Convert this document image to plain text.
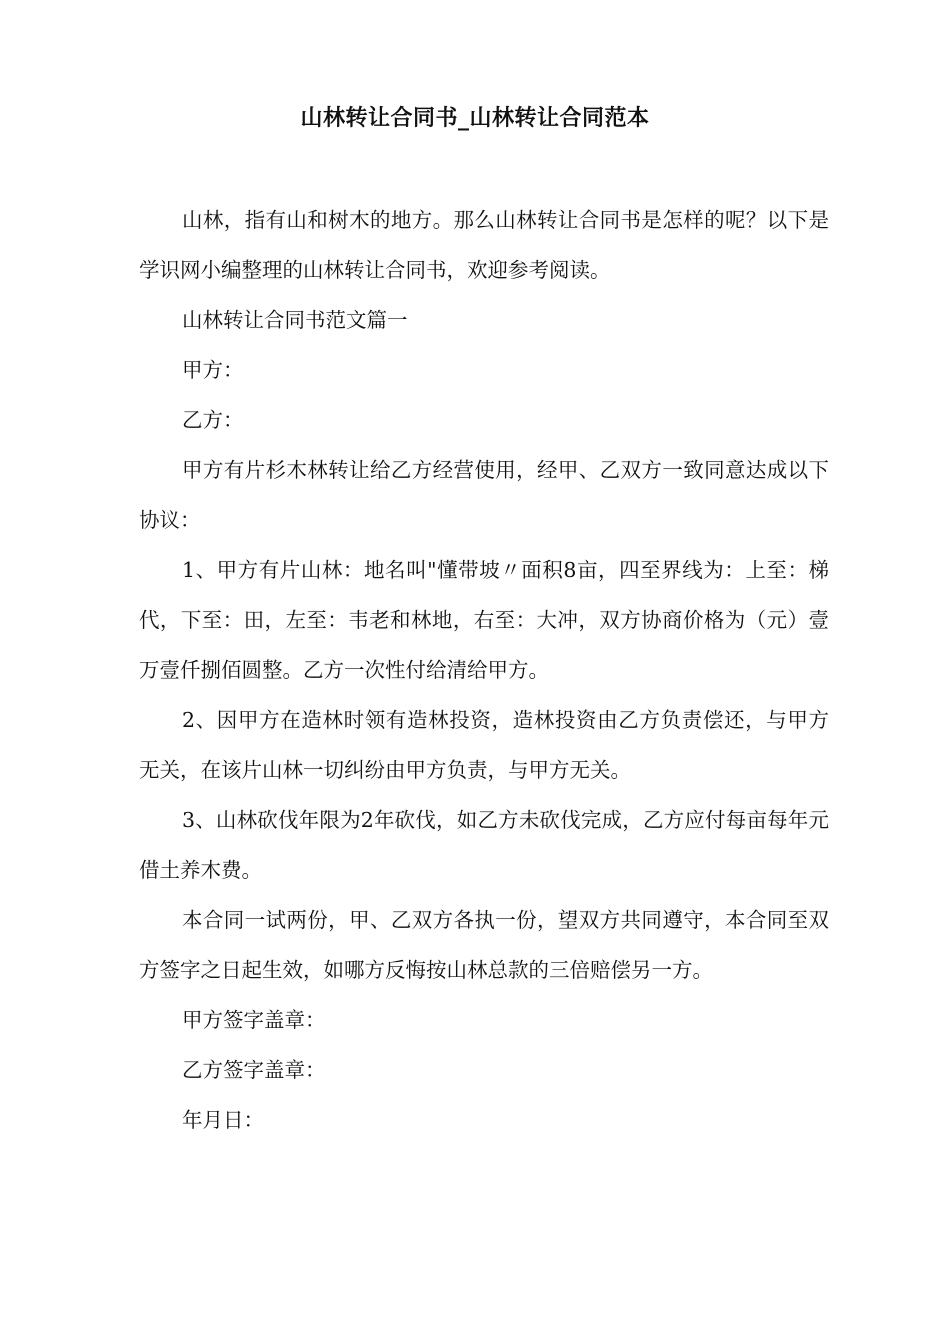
山林转让合同书_山林转让合同范本

山林，指有山和树木的地方。那么山林转让合同书是怎样的呢？以下是学识网小编整理的山林转让合同书，欢迎参考阅读。

山林转让合同书范文篇一

甲方：

乙方：

甲方有片杉木林转让给乙方经营使用，经甲、乙双方一致同意达成以下协议：

1、甲方有片山林：地名叫"懂带坡〃面积8亩，四至界线为：上至：梯代，下至：田，左至：韦老和林地，右至：大冲，双方协商价格为（元）壹万壹仟捌佰圆整。乙方一次性付给清给甲方。

2、因甲方在造林时领有造林投资，造林投资由乙方负责偿还，与甲方无关，在该片山林一切纠纷由甲方负责，与甲方无关。

3、山林砍伐年限为2年砍伐，如乙方未砍伐完成，乙方应付每亩每年元借土养木费。

本合同一试两份，甲、乙双方各执一份，望双方共同遵守，本合同至双方签字之日起生效，如哪方反悔按山林总款的三倍赔偿另一方。

甲方签字盖章：

乙方签字盖章：

年月日：
